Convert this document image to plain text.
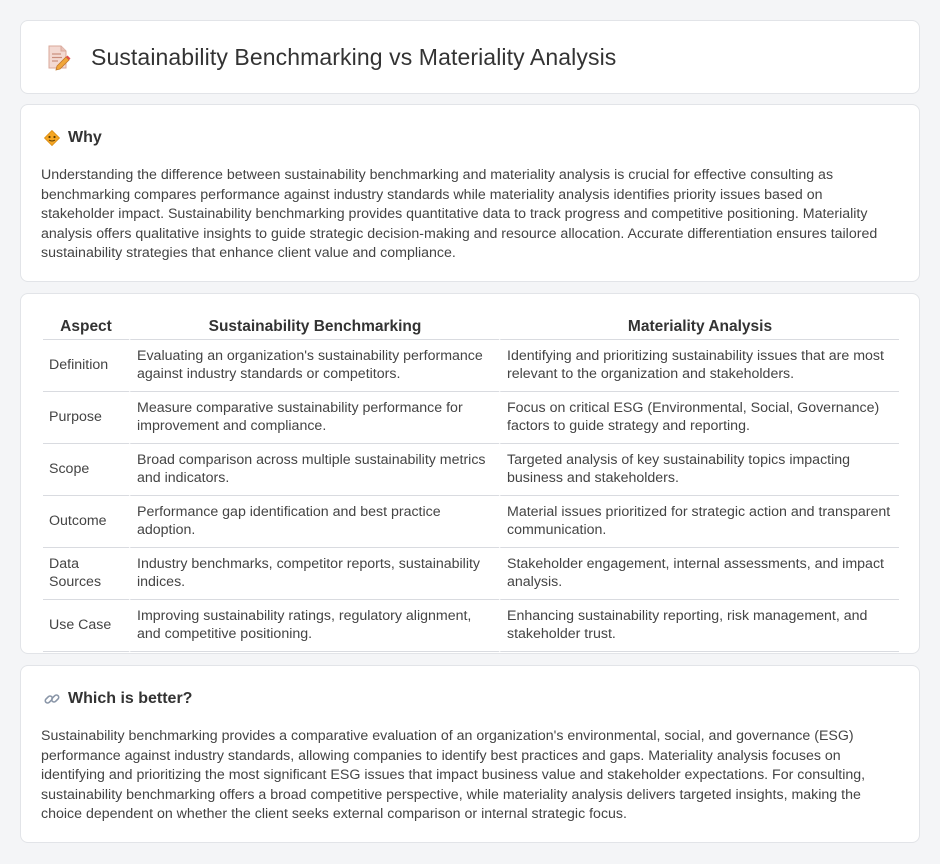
Sustainability Benchmarking vs Materiality Analysis
Why

Understanding the difference between sustainability benchmarking and materiality analysis is crucial for effective consulting as benchmarking compares performance against industry standards while materiality analysis identifies priority issues based on stakeholder impact. Sustainability benchmarking provides quantitative data to track progress and competitive positioning. Materiality analysis offers qualitative insights to guide strategic decision-making and resource allocation. Accurate differentiation ensures tailored sustainability strategies that enhance client value and compliance.

Aspect	Sustainability Benchmarking	Materiality Analysis
Definition	Evaluating an organization's sustainability performance against industry standards or competitors.	Identifying and prioritizing sustainability issues that are most relevant to the organization and stakeholders.
Purpose	Measure comparative sustainability performance for improvement and compliance.	Focus on critical ESG (Environmental, Social, Governance) factors to guide strategy and reporting.
Scope	Broad comparison across multiple sustainability metrics and indicators.	Targeted analysis of key sustainability topics impacting business and stakeholders.
Outcome	Performance gap identification and best practice adoption.	Material issues prioritized for strategic action and transparent communication.
Data Sources	Industry benchmarks, competitor reports, sustainability indices.	Stakeholder engagement, internal assessments, and impact analysis.
Use Case	Improving sustainability ratings, regulatory alignment, and competitive positioning.	Enhancing sustainability reporting, risk management, and stakeholder trust.
Which is better?

Sustainability benchmarking provides a comparative evaluation of an organization's environmental, social, and governance (ESG) performance against industry standards, allowing companies to identify best practices and gaps. Materiality analysis focuses on identifying and prioritizing the most significant ESG issues that impact business value and stakeholder expectations. For consulting, sustainability benchmarking offers a broad competitive perspective, while materiality analysis delivers targeted insights, making the choice dependent on whether the client seeks external comparison or internal strategic focus.
